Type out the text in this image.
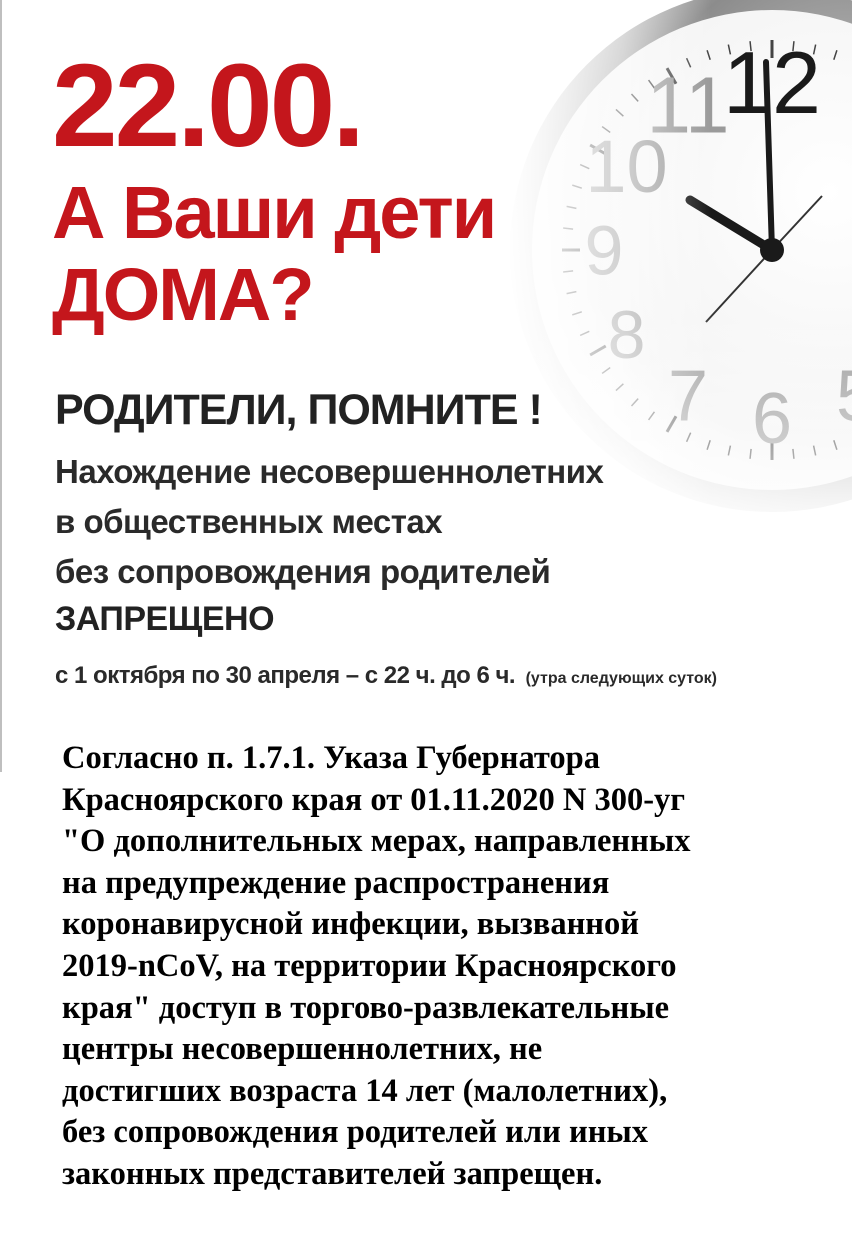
22.00.
А Ваши дети
ДОМА?
РОДИТЕЛИ, ПОМНИТЕ !
Нахождение несовершеннолетних
в общественных местах
без сопровождения родителей
ЗАПРЕЩЕНО
с 1 октября по 30 апреля – с 22 ч. до 6 ч. (утра следующих суток)

Согласно п. 1.7.1. Указа Губернатора
Красноярского края от 01.11.2020 N 300-уг
"О дополнительных мерах, направленных
на предупреждение распространения
коронавирусной инфекции, вызванной
2019-nCoV, на территории Красноярского
края" доступ в торгово-развлекательные
центры несовершеннолетних, не
достигших возраста 14 лет (малолетних),
без сопровождения родителей или иных
законных представителей запрещен.
